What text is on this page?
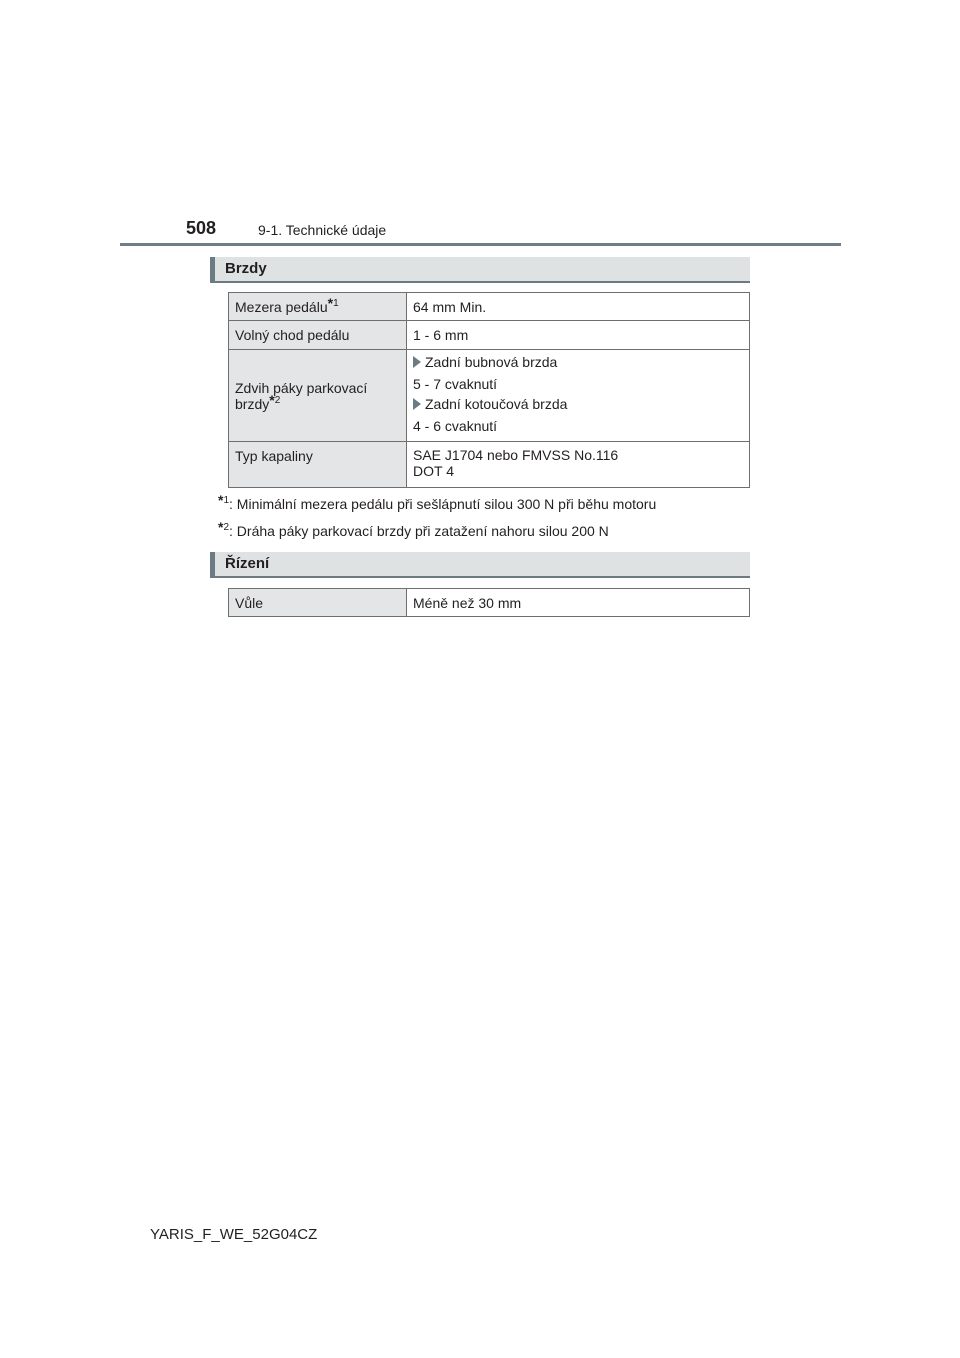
508	9-1. Technické údaje
Brzdy
Mezera pedálu$^{*1}$	64 mm Min.
Volný chod pedálu	1 - 6 mm
Zdvih páky parkovací brzdy$^{*2}$	Zadní bubnová brzda
5 - 7 cvaknutí
Zadní kotoučová brzda
4 - 6 cvaknutí

Typ kapaliny	SAE J1704 nebo FMVSS No.116
DOT 4
$^{*1}$: Minimální mezera pedálu při sešlápnutí silou 300 N při běhu motoru
$^{*2}$: Dráha páky parkovací brzdy při zatažení nahoru silou 200 N
Řízení
Vůle	Méně než 30 mm
YARIS_F_WE_52G04CZ
